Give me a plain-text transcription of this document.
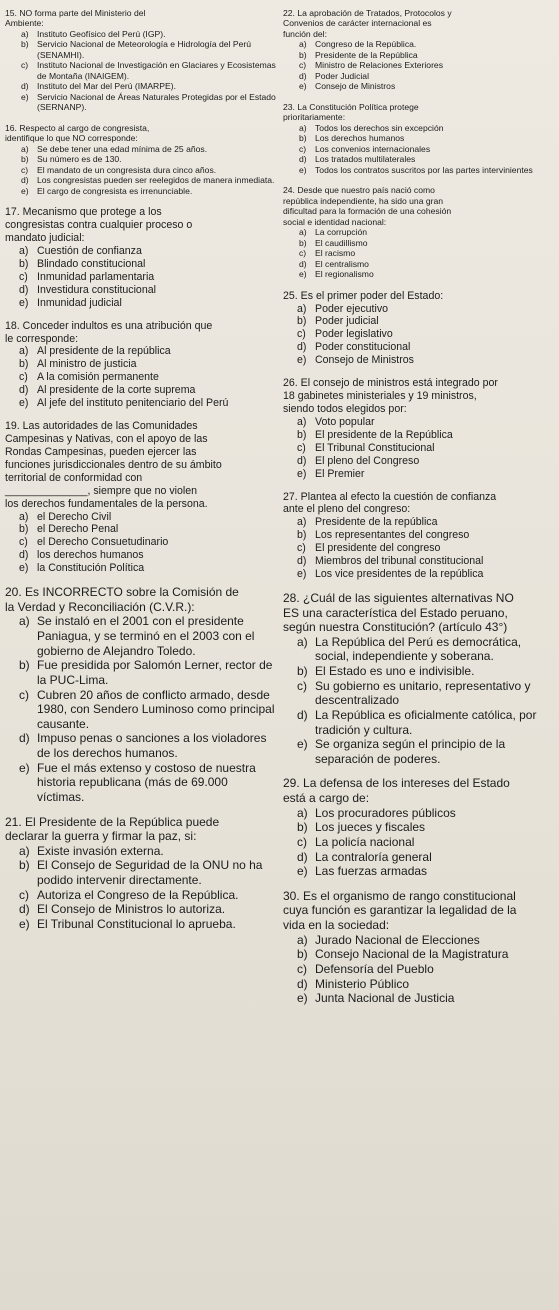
15. NO forma parte del Ministerio del
Ambiente:
a) Instituto Geofísico del Perú (IGP).
b) Servicio Nacional de Meteorología e Hidrología del Perú (SENAMHI).
c)	Instituto Nacional de Investigación en Glaciares y Ecosistemas de Montaña (INAIGEM).
d) Instituto del Mar del Perú (IMARPE).
e) Servicio Nacional de Áreas Naturales Protegidas por el Estado (SERNANP).
16. Respecto al cargo de congresista,
identifique lo que NO corresponde:
a) Se debe tener una edad mínima de 25 años.
b) Su número es de 130.
c)	El mandato de un congresista dura cinco años.
d) Los congresistas pueden ser reelegidos de manera inmediata.
e) El cargo de congresista es irrenunciable.
17. Mecanismo que protege a los
congresistas contra cualquier proceso o
mandato judicial:
a) Cuestión de confianza
b) Blindado constitucional
c) Inmunidad parlamentaria
d) Investidura constitucional
e) Inmunidad judicial
18. Conceder indultos es una atribución que
le corresponde:
a) Al presidente de la república
b) Al ministro de justicia
c) A la comisión permanente
d) Al presidente de la corte suprema
e) Al jefe del instituto penitenciario del Perú
19. Las autoridades de las Comunidades
Campesinas y Nativas, con el apoyo de las
Rondas Campesinas, pueden ejercer las
funciones jurisdiccionales dentro de su ámbito
territorial de conformidad con
______________, siempre que no violen
los derechos fundamentales de la persona.
a) el Derecho Civil
b) el Derecho Penal
c) el Derecho Consuetudinario
d) los derechos humanos
e) la Constitución Política
20. Es INCORRECTO sobre la Comisión de
la Verdad y Reconciliación (C.V.R.):
a) Se instaló en el 2001 con el presidente Paniagua, y se terminó en el 2003 con el gobierno de Alejandro Toledo.
b) Fue presidida por Salomón Lerner, rector de la PUC-Lima.
c) Cubren 20 años de conflicto armado, desde 1980, con Sendero Luminoso como principal causante.
d) Impuso penas o sanciones a los violadores de los derechos humanos.
e) Fue el más extenso y costoso de nuestra historia republicana (más de 69.000 víctimas.
21. El Presidente de la República puede
declarar la guerra y firmar la paz, si:
a) Existe invasión externa.
b) El Consejo de Seguridad de la ONU no ha podido intervenir directamente.
c) Autoriza el Congreso de la República.
d) El Consejo de Ministros lo autoriza.
e) El Tribunal Constitucional lo aprueba.
22. La aprobación de Tratados, Protocolos y
Convenios de carácter internacional es
función del:
a) Congreso de la República.
b) Presidente de la República
c)	Ministro de Relaciones Exteriores
d) Poder Judicial
e) Consejo de Ministros
23. La Constitución Política protege
prioritariamente:
a) Todos los derechos sin excepción
b) Los derechos humanos
c)	Los convenios internacionales
d) Los tratados multilaterales
e) Todos los contratos suscritos por las partes intervinientes
24. Desde que nuestro país nació como
república independiente, ha sido una gran
dificultad para la formación de una cohesión
social e identidad nacional:
a) La corrupción
b) El caudillismo
c)	El racismo
d) El centralismo
e) El regionalismo
25. Es el primer poder del Estado:
a) Poder ejecutivo
b) Poder judicial
c) Poder legislativo
d) Poder constitucional
e) Consejo de Ministros
26. El consejo de ministros está integrado por
18 gabinetes ministeriales y 19 ministros,
siendo todos elegidos por:
a) Voto popular
b) El presidente de la República
c) El Tribunal Constitucional
d) El pleno del Congreso
e) El Premier
27. Plantea al efecto la cuestión de confianza
ante el pleno del congreso:
a) Presidente de la república
b) Los representantes del congreso
c) El presidente del congreso
d) Miembros del tribunal constitucional
e) Los vice presidentes de la república
28. ¿Cuál de las siguientes alternativas NO
ES una característica del Estado peruano,
según nuestra Constitución? (artículo 43°)
a) La República del Perú es democrática, social, independiente y soberana.
b) El Estado es uno e indivisible.
c) Su gobierno es unitario, representativo y descentralizado
d) La República es oficialmente católica, por tradición y cultura.
e) Se organiza según el principio de la separación de poderes.
29. La defensa de los intereses del Estado
está a cargo de:
a) Los procuradores públicos
b) Los jueces y fiscales
c) La policía nacional
d) La contraloría general
e) Las fuerzas armadas
30. Es el organismo de rango constitucional
cuya función es garantizar la legalidad de la
vida en la sociedad:
a) Jurado Nacional de Elecciones
b) Consejo Nacional de la Magistratura
c) Defensoría del Pueblo
d) Ministerio Público
e) Junta Nacional de Justicia
